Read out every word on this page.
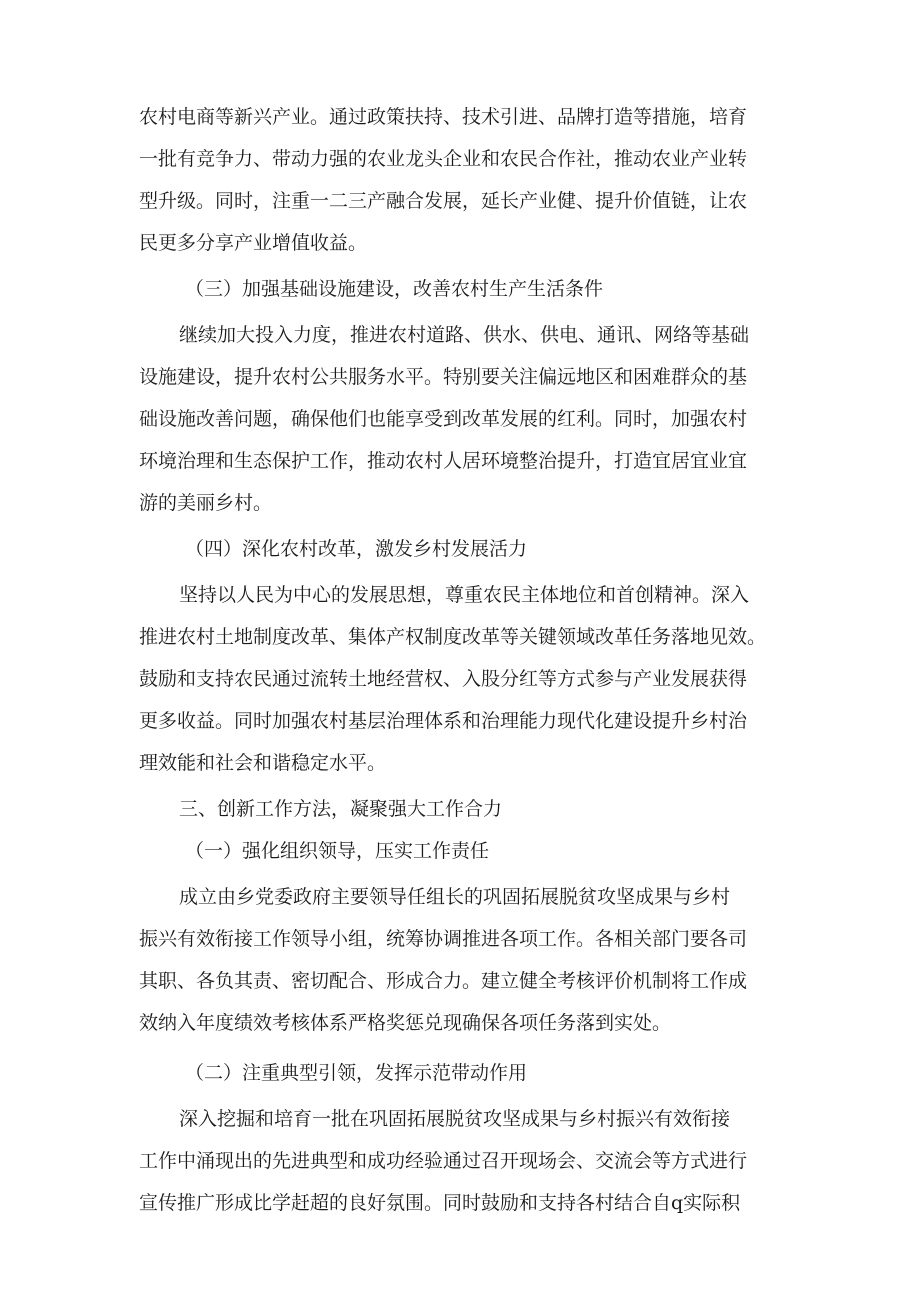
农村电商等新兴产业。通过政策扶持、技术引进、品牌打造等措施，培育
一批有竞争力、带动力强的农业龙头企业和农民合作社，推动农业产业转
型升级。同时，注重一二三产融合发展，延长产业健、提升价值链，让农
民更多分享产业增值收益。
（三）加强基础设施建设，改善农村生产生活条件
继续加大投入力度，推进农村道路、供水、供电、通讯、网络等基础
设施建设，提升农村公共服务水平。特别要关注偏远地区和困难群众的基
础设施改善问题，确保他们也能享受到改革发展的红利。同时，加强农村
环境治理和生态保护工作，推动农村人居环境整治提升，打造宜居宜业宜
游的美丽乡村。
（四）深化农村改革，激发乡村发展活力
坚持以人民为中心的发展思想，尊重农民主体地位和首创精神。深入
推进农村土地制度改革、集体产权制度改革等关键领域改革任务落地见效。
鼓励和支持农民通过流转土地经营权、入股分红等方式参与产业发展获得
更多收益。同时加强农村基层治理体系和治理能力现代化建设提升乡村治
理效能和社会和谐稳定水平。
三、创新工作方法，凝聚强大工作合力
（一）强化组织领导，压实工作责任
成立由乡党委政府主要领导任组长的巩固拓展脱贫攻坚成果与乡村
振兴有效衔接工作领导小组，统筹协调推进各项工作。各相关部门要各司
其职、各负其责、密切配合、形成合力。建立健全考核评价机制将工作成
效纳入年度绩效考核体系严格奖惩兑现确保各项任务落到实处。
（二）注重典型引领，发挥示范带动作用
深入挖掘和培育一批在巩固拓展脱贫攻坚成果与乡村振兴有效衔接
工作中涌现出的先进典型和成功经验通过召开现场会、交流会等方式进行
宣传推广形成比学赶超的良好氛围。同时鼓励和支持各村结合自q实际积
